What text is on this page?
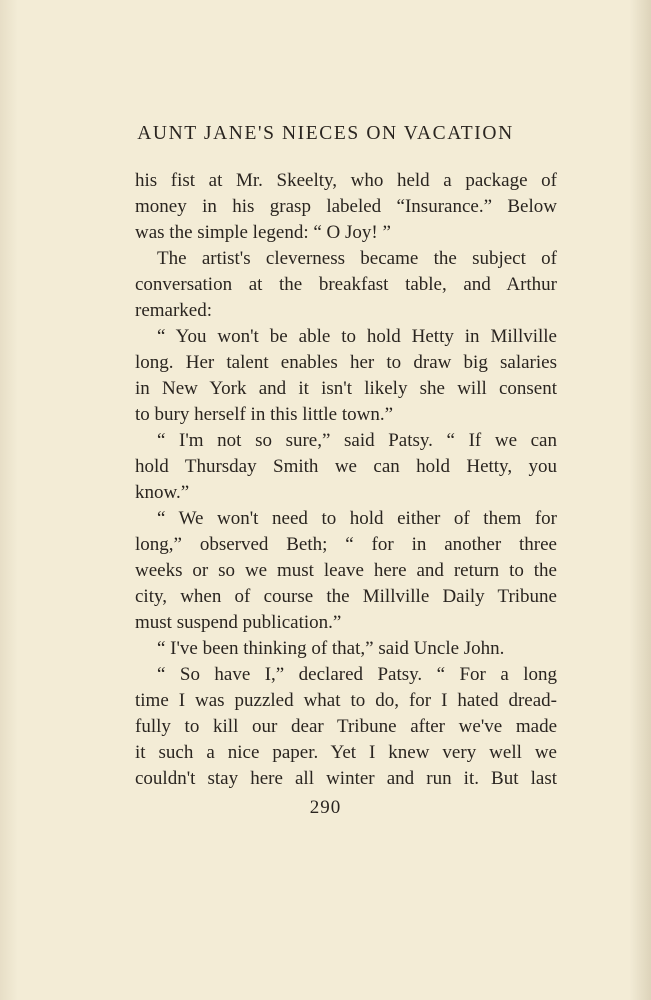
AUNT JANE'S NIECES ON VACATION
his fist at Mr. Skeelty, who held a package of
money in his grasp labeled “Insurance.” Below
was the simple legend: “ O Joy! ”
The artist's cleverness became the subject of
conversation at the breakfast table, and Arthur
remarked:
“ You won't be able to hold Hetty in Millville
long. Her talent enables her to draw big salaries
in New York and it isn't likely she will consent
to bury herself in this little town.”
“ I'm not so sure,” said Patsy. “ If we can
hold Thursday Smith we can hold Hetty, you
know.”
“ We won't need to hold either of them for
long,” observed Beth; “ for in another three
weeks or so we must leave here and return to the
city, when of course the Millville Daily Tribune
must suspend publication.”
“ I've been thinking of that,” said Uncle John.
“ So have I,” declared Patsy. “ For a long
time I was puzzled what to do, for I hated dread-
fully to kill our dear Tribune after we've made
it such a nice paper. Yet I knew very well we
couldn't stay here all winter and run it. But last
290
